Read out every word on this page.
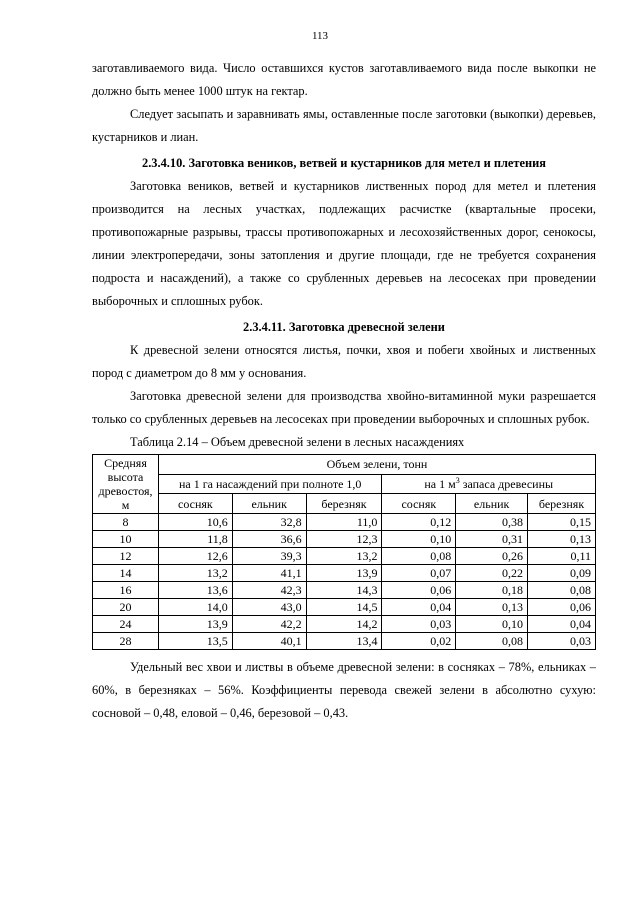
113

заготавливаемого вида. Число оставшихся кустов заготавливаемого вида после выкопки не должно быть менее 1000 штук на гектар.

Следует засыпать и заравнивать ямы, оставленные после заготовки (выкопки) деревьев, кустарников и лиан.

2.3.4.10. Заготовка веников, ветвей и кустарников для метел и плетения

Заготовка веников, ветвей и кустарников лиственных пород для метел и плетения производится на лесных участках, подлежащих расчистке (квартальные просеки, противопожарные разрывы, трассы противопожарных и лесохозяйственных дорог, сенокосы, линии электропередачи, зоны затопления и другие площади, где не требуется сохранения подроста и насаждений), а также со срубленных деревьев на лесосеках при проведении выборочных и сплошных рубок.

2.3.4.11. Заготовка древесной зелени

К древесной зелени относятся листья, почки, хвоя и побеги хвойных и лиственных пород с диаметром до 8 мм у основания.

Заготовка древесной зелени для производства хвойно-витаминной муки разрешается только со срубленных деревьев на лесосеках при проведении выборочных и сплошных рубок.

Таблица 2.14 – Объем древесной зелени в лесных насаждениях

Средняя высота древостоя, м	Объем зелени, тонн					
	на 1 га насаждений при полноте 1,0			на 1 $м^3$ запаса древесины		
	сосняк	ельник	березняк	сосняк	ельник	березняк
8	10,6	32,8	11,0	0,12	0,38	0,15
10	11,8	36,6	12,3	0,10	0,31	0,13
12	12,6	39,3	13,2	0,08	0,26	0,11
14	13,2	41,1	13,9	0,07	0,22	0,09
16	13,6	42,3	14,3	0,06	0,18	0,08
20	14,0	43,0	14,5	0,04	0,13	0,06
24	13,9	42,2	14,2	0,03	0,10	0,04
28	13,5	40,1	13,4	0,02	0,08	0,03

Удельный вес хвои и листвы в объеме древесной зелени: в сосняках – 78%, ельниках – 60%, в березняках – 56%. Коэффициенты перевода свежей зелени в абсолютно сухую: сосновой – 0,48, еловой – 0,46, березовой – 0,43.
